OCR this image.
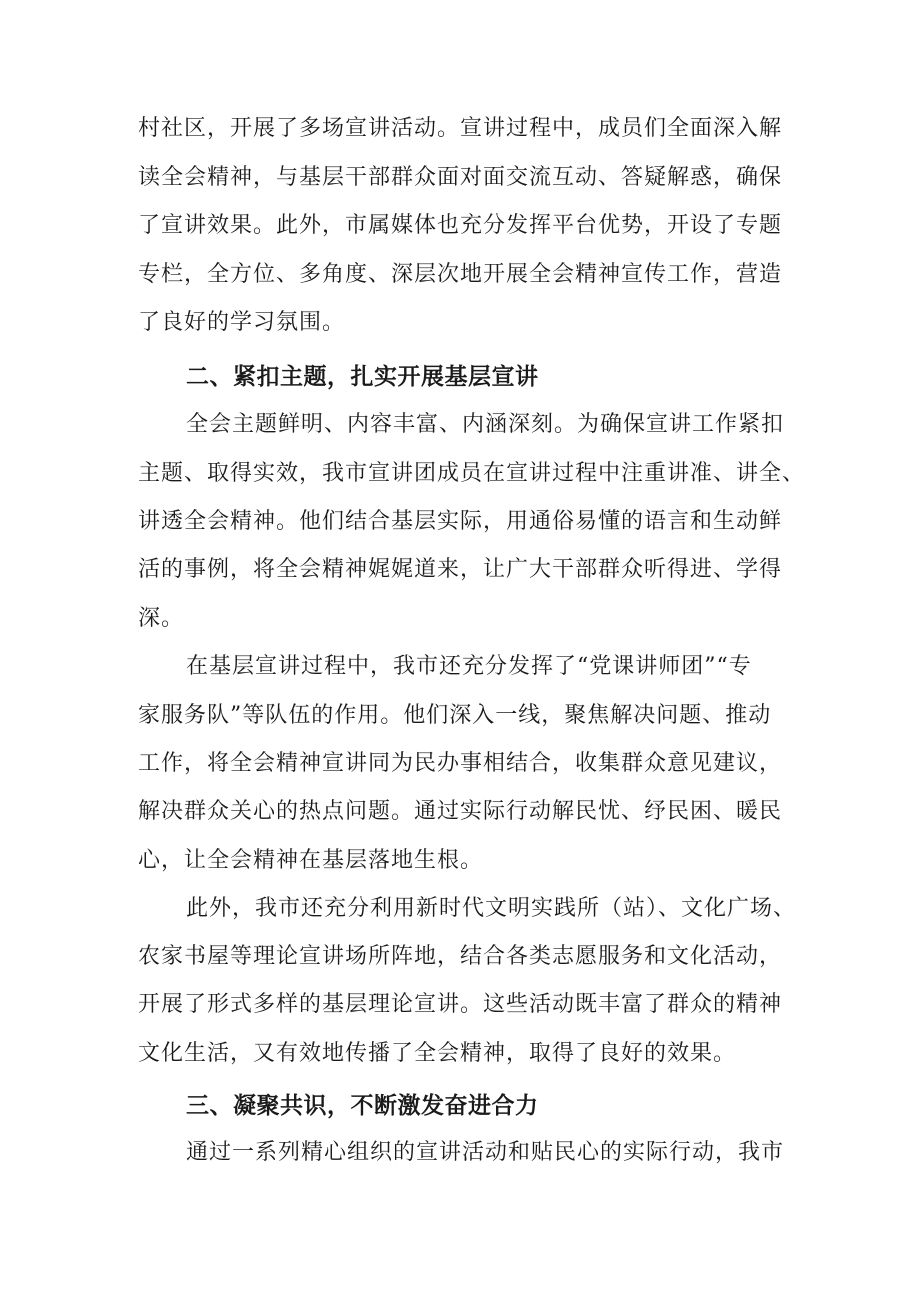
村社区，开展了多场宣讲活动。宣讲过程中，成员们全面深入解
读全会精神，与基层干部群众面对面交流互动、答疑解惑，确保
了宣讲效果。此外，市属媒体也充分发挥平台优势，开设了专题
专栏，全方位、多角度、深层次地开展全会精神宣传工作，营造
了良好的学习氛围。
二、紧扣主题，扎实开展基层宣讲
全会主题鲜明、内容丰富、内涵深刻。为确保宣讲工作紧扣
主题、取得实效，我市宣讲团成员在宣讲过程中注重讲准、讲全、
讲透全会精神。他们结合基层实际，用通俗易懂的语言和生动鲜
活的事例，将全会精神娓娓道来，让广大干部群众听得进、学得
深。
在基层宣讲过程中，我市还充分发挥了“党课讲师团”“专
家服务队”等队伍的作用。他们深入一线，聚焦解决问题、推动
工作，将全会精神宣讲同为民办事相结合，收集群众意见建议，
解决群众关心的热点问题。通过实际行动解民忧、纾民困、暖民
心，让全会精神在基层落地生根。
此外，我市还充分利用新时代文明实践所（站）、文化广场、
农家书屋等理论宣讲场所阵地，结合各类志愿服务和文化活动，
开展了形式多样的基层理论宣讲。这些活动既丰富了群众的精神
文化生活，又有效地传播了全会精神，取得了良好的效果。
三、凝聚共识，不断激发奋进合力
通过一系列精心组织的宣讲活动和贴民心的实际行动，我市
